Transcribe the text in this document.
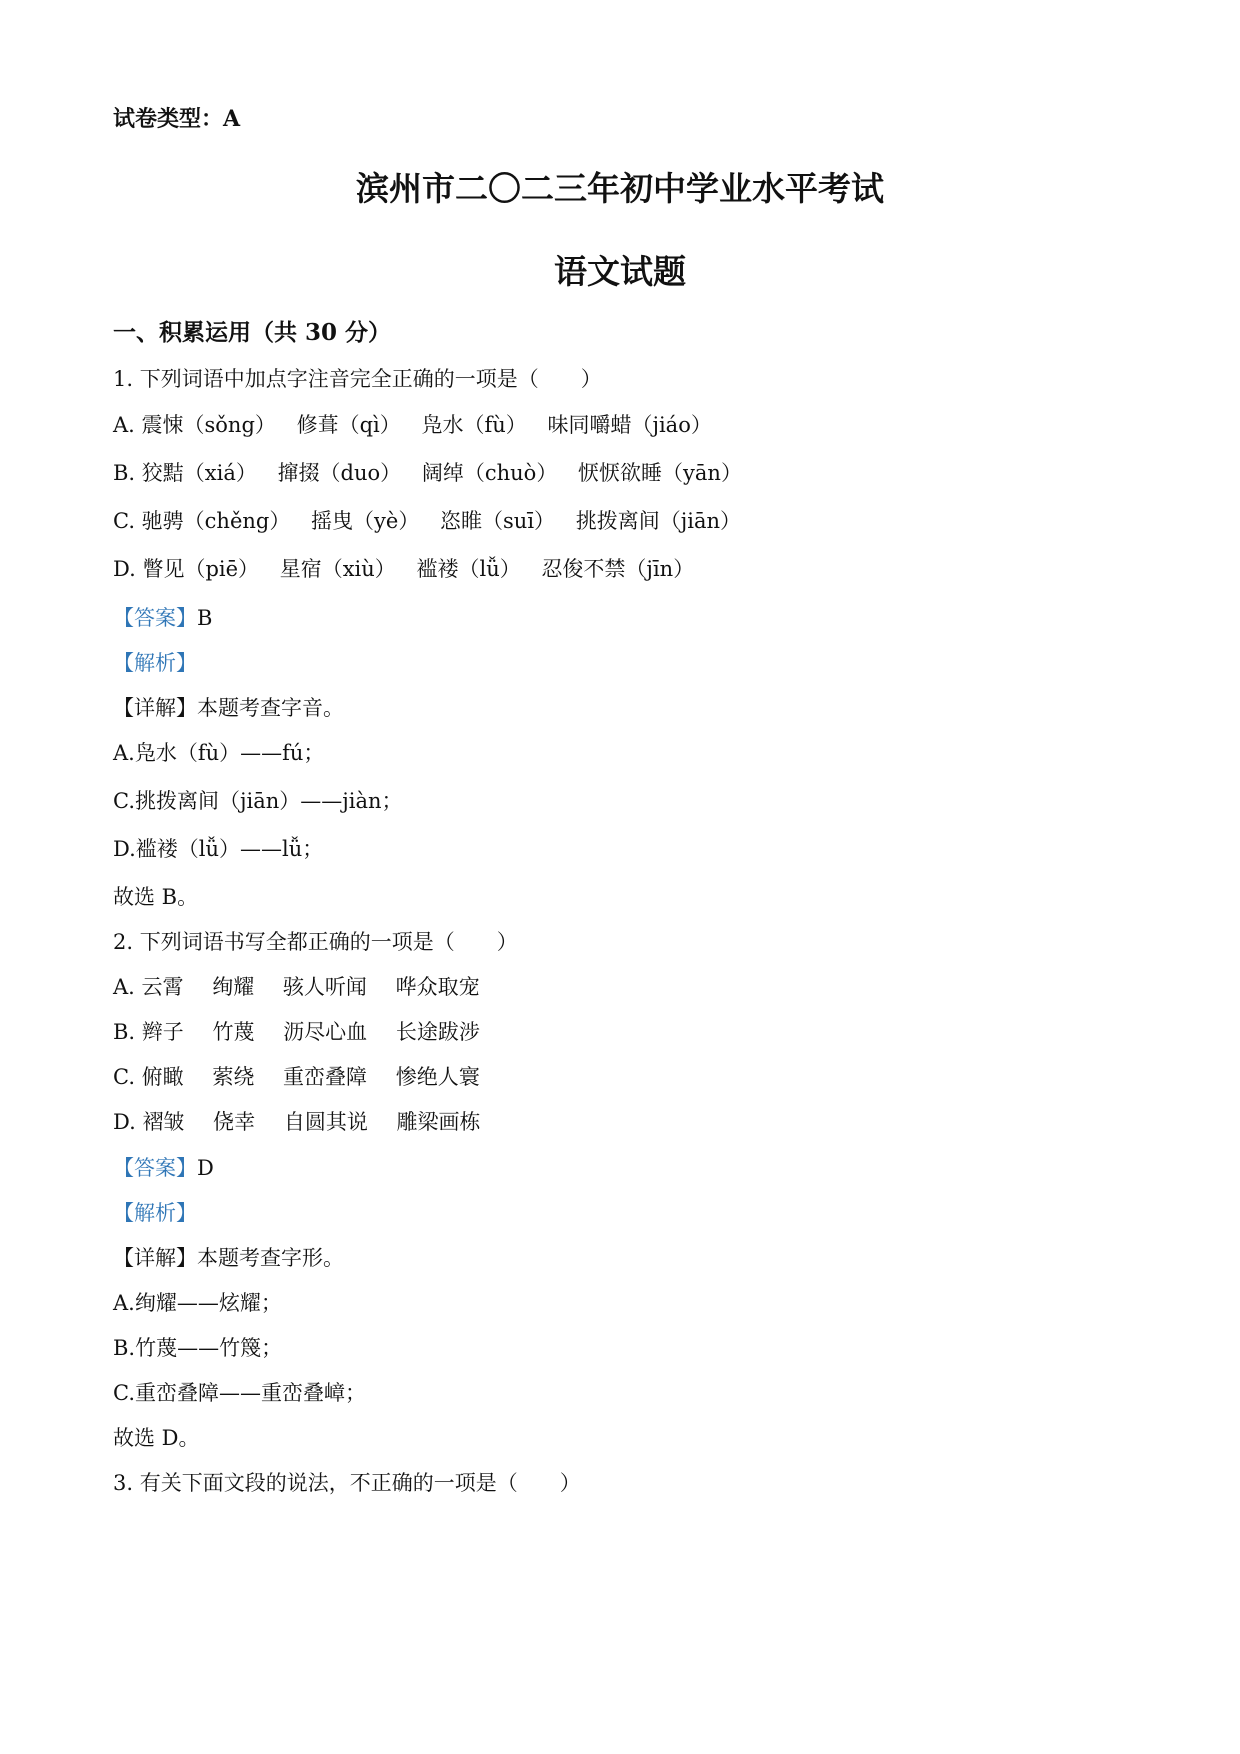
试卷类型：A
滨州市二〇二三年初中学业水平考试
语文试题
一、积累运用（共 30 分）
1. 下列词语中加点字注音完全正确的一项是（　　）
A. 震悚（sǒng） 修葺（qì） 凫水（fù） 味同嚼蜡（jiáo）
B. 狡黠（xiá） 撺掇（duo） 阔绰（chuò） 恹恹欲睡（yān）
C. 驰骋（chěng） 摇曳（yè） 恣睢（suī） 挑拨离间（jiān）
D. 瞥见（piē） 星宿（xiù） 褴褛（lǚ） 忍俊不禁（jīn）
【答案】B
【解析】
【详解】本题考查字音。
A.凫水（fù）——fú；
C.挑拨离间（jiān）——jiàn；
D.褴褛（lǚ）——lǚ；
故选 B。
2. 下列词语书写全都正确的一项是（　　）
A. 云霄 绚耀 骇人听闻 哗众取宠
B. 辫子 竹蔑 沥尽心血 长途跋涉
C. 俯瞰 萦绕 重峦叠障 惨绝人寰
D. 褶皱 侥幸 自圆其说 雕梁画栋
【答案】D
【解析】
【详解】本题考查字形。
A.绚耀——炫耀；
B.竹蔑——竹篾；
C.重峦叠障——重峦叠嶂；
故选 D。
3. 有关下面文段的说法，不正确的一项是（　　）
